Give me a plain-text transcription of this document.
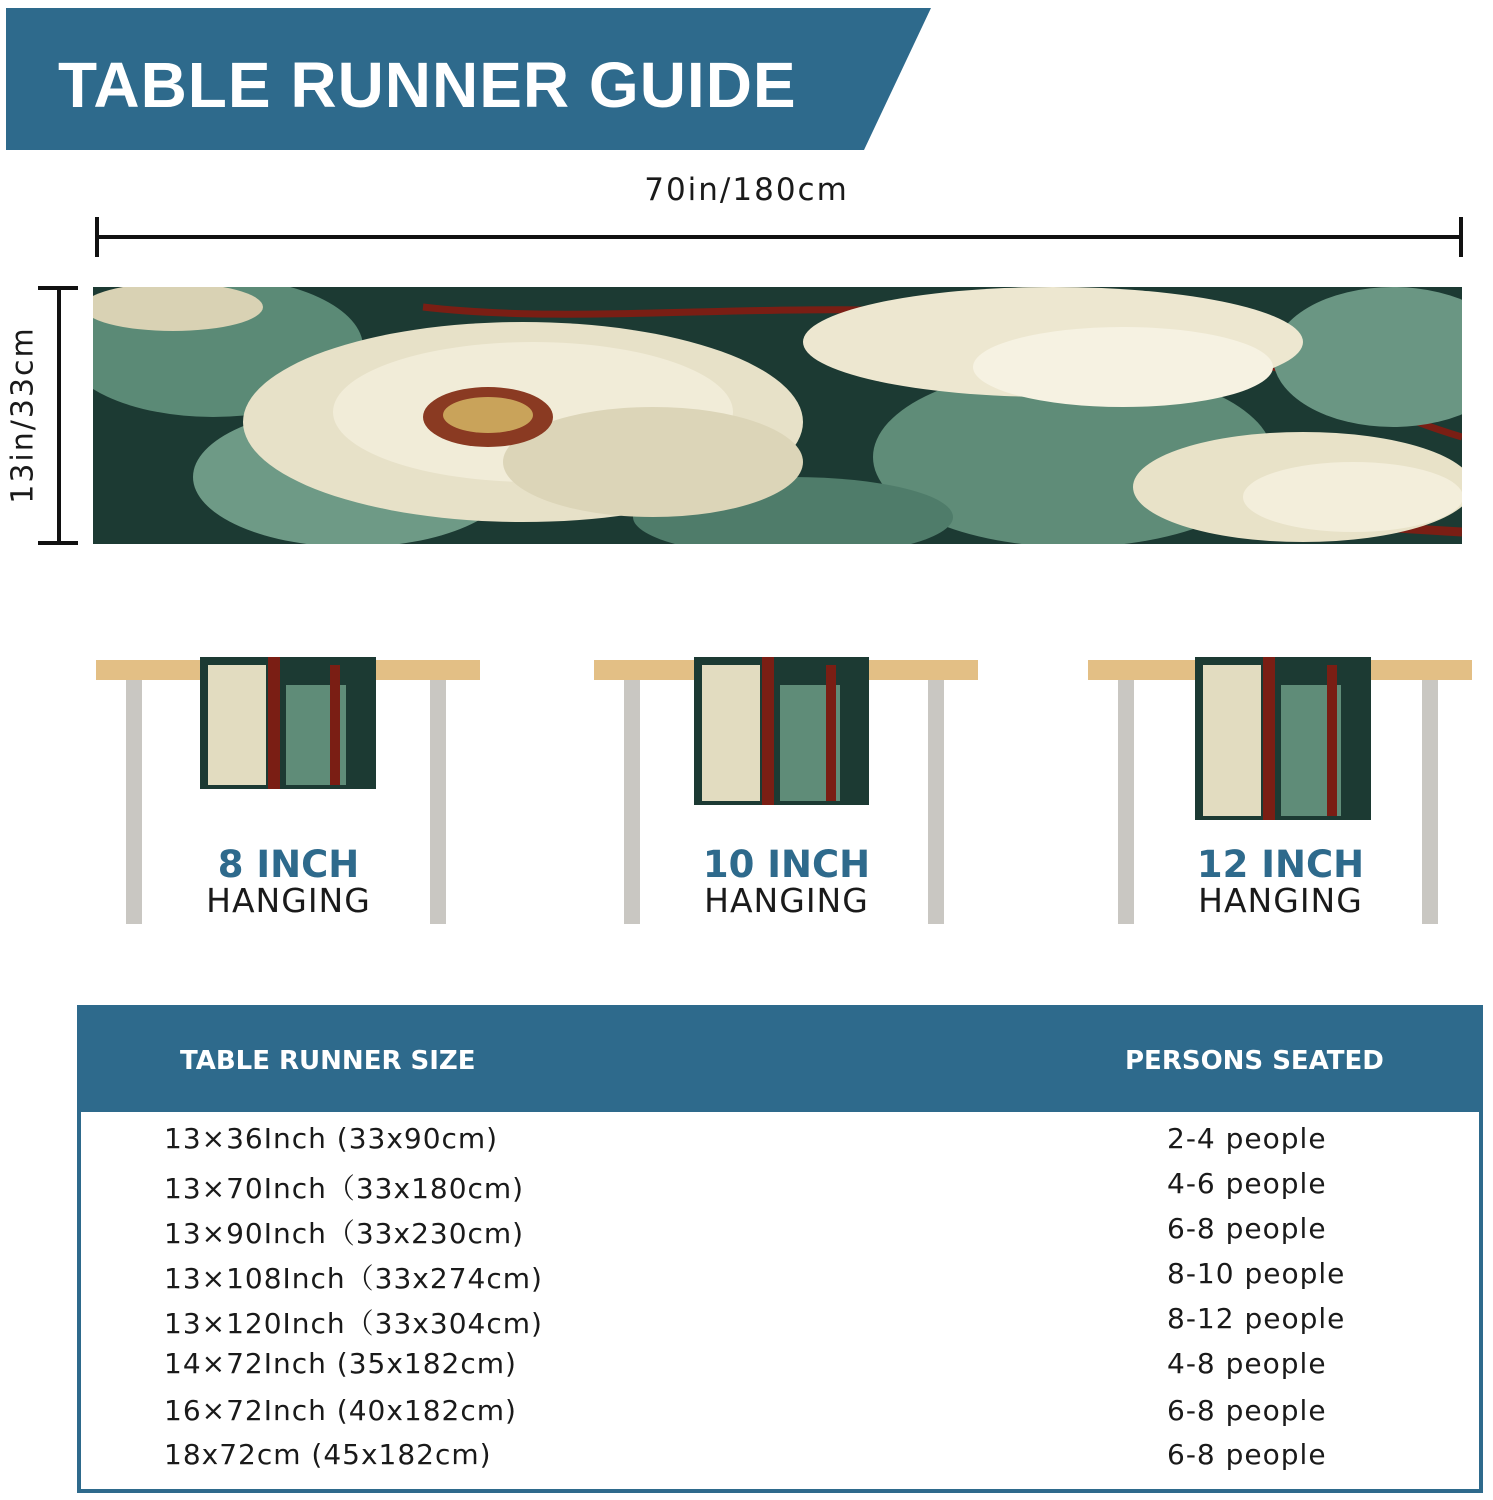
TABLE RUNNER GUIDE
70in/180cm
13in/33cm
8 INCH
HANGING
10 INCH
HANGING
12 INCH
HANGING
TABLE RUNNER SIZE	PERSONS SEATED
13×36Inch (33x90cm)	2-4 people
13×70Inch（33x180cm)	4-6 people
13×90Inch（33x230cm)	6-8 people
13×108Inch（33x274cm)	8-10 people
13×120Inch（33x304cm)	8-12 people
14×72Inch (35x182cm)	4-8 people
16×72Inch (40x182cm)	6-8 people
18x72cm (45x182cm)	6-8 people
